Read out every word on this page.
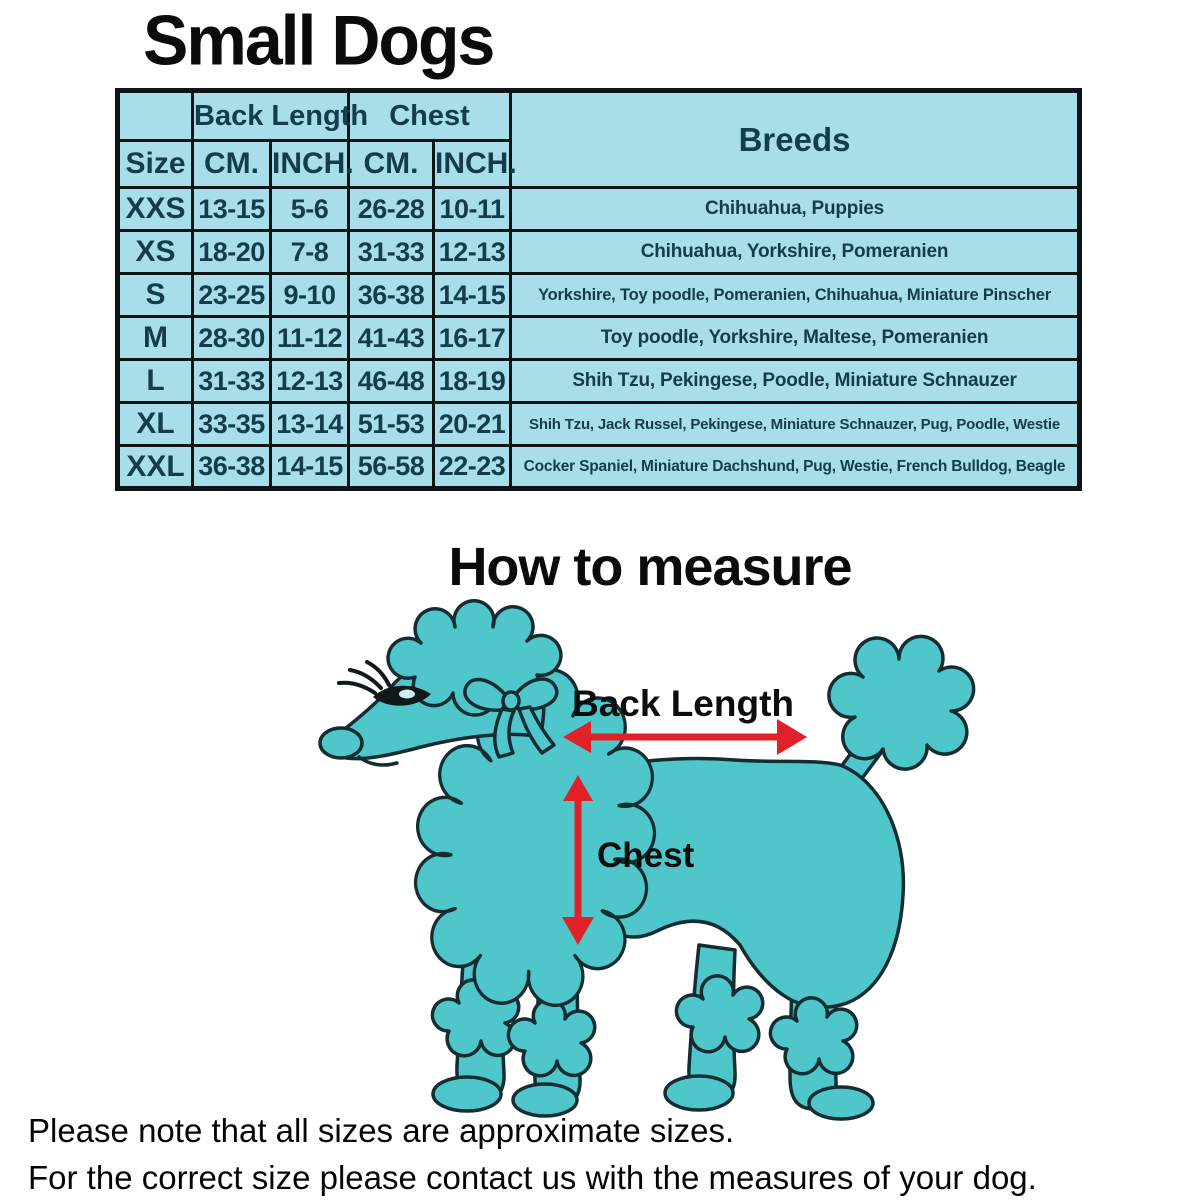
Small Dogs
	Back Length		Chest		Breeds
Size	CM.	INCH.	CM.	INCH.	
XXS	13-15	5-6	26-28	10-11	Chihuahua, Puppies
XS	18-20	7-8	31-33	12-13	Chihuahua, Yorkshire, Pomeranien
S	23-25	9-10	36-38	14-15	Yorkshire, Toy poodle, Pomeranien, Chihuahua, Miniature Pinscher
M	28-30	11-12	41-43	16-17	Toy poodle, Yorkshire, Maltese, Pomeranien
L	31-33	12-13	46-48	18-19	Shih Tzu, Pekingese, Poodle, Miniature Schnauzer
XL	33-35	13-14	51-53	20-21	Shih Tzu, Jack Russel, Pekingese, Miniature Schnauzer, Pug, Poodle, Westie
XXL	36-38	14-15	56-58	22-23	Cocker Spaniel, Miniature Dachshund, Pug, Westie, French Bulldog, Beagle
How to measure
Back Length
Chest

Please note that all sizes are approximate sizes.

For the correct size please contact us with the measures of your dog.
